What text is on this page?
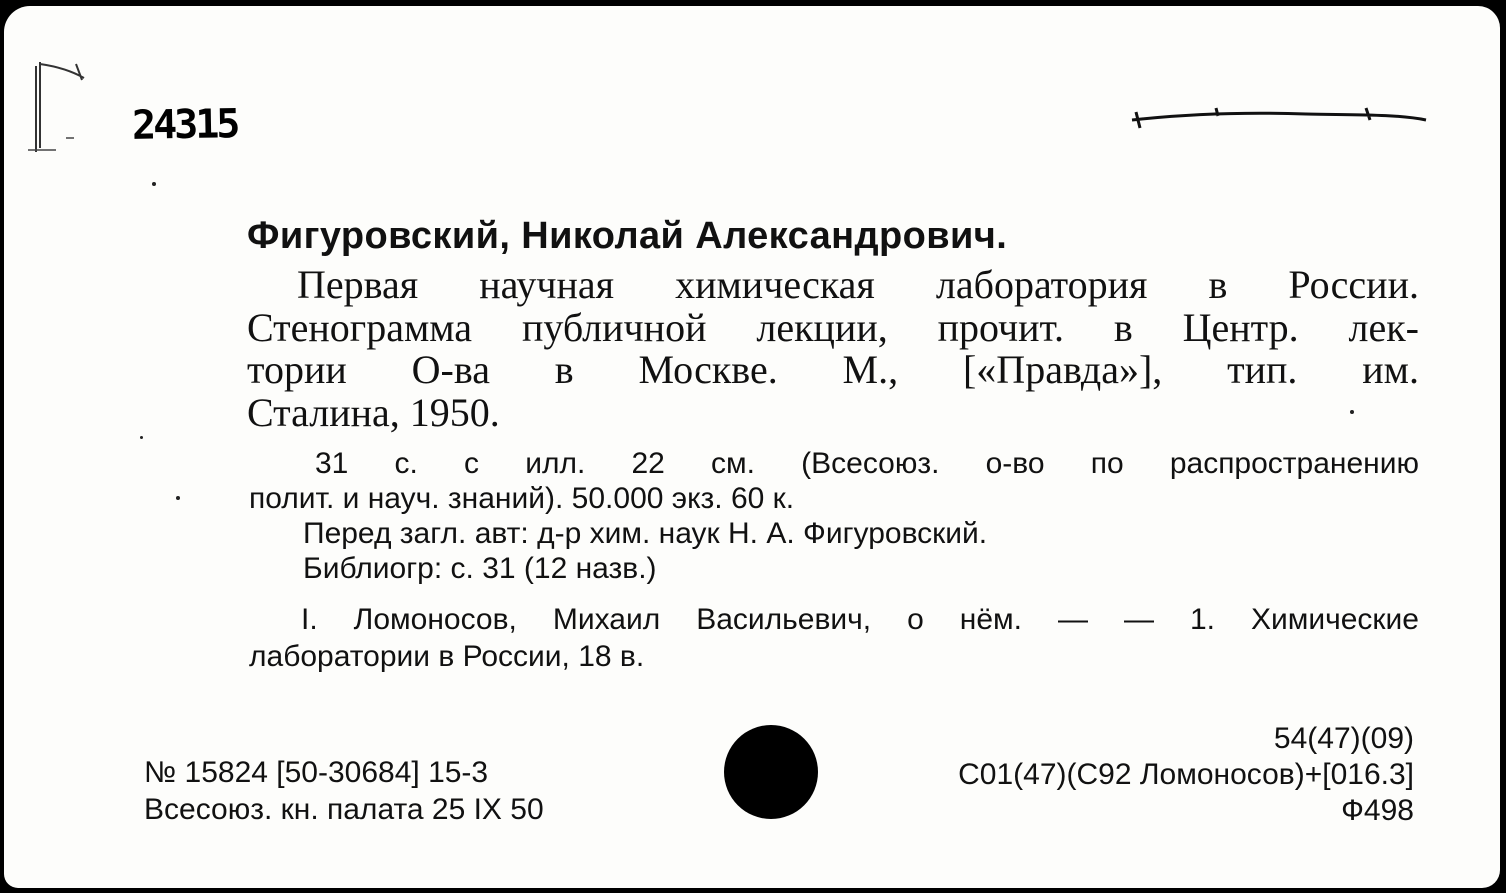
24315
Фигуровский, Николай Александрович.
Первая научная химическая лаборатория в России.
Стенограмма публичной лекции, прочит. в Центр. лек-
тории О-ва в Москве. М., [«Правда»], тип. им.
Сталина, 1950.
31 с. с илл. 22 см. (Всесоюз. о-во по распространению
полит. и науч. знаний). 50.000 экз. 60 к.
Перед загл. авт: д-р хим. наук Н. А. Фигуровский.
Библиогр: с. 31 (12 назв.)
I. Ломоносов, Михаил Васильевич, о нём. — — 1. Химические
лаборатории в России, 18 в.
№ 15824 [50-30684] 15-3
Всесоюз. кн. палата 25 IX 50
54(47)(09)
С01(47)(С92 Ломоносов)+[016.3]
Ф498
